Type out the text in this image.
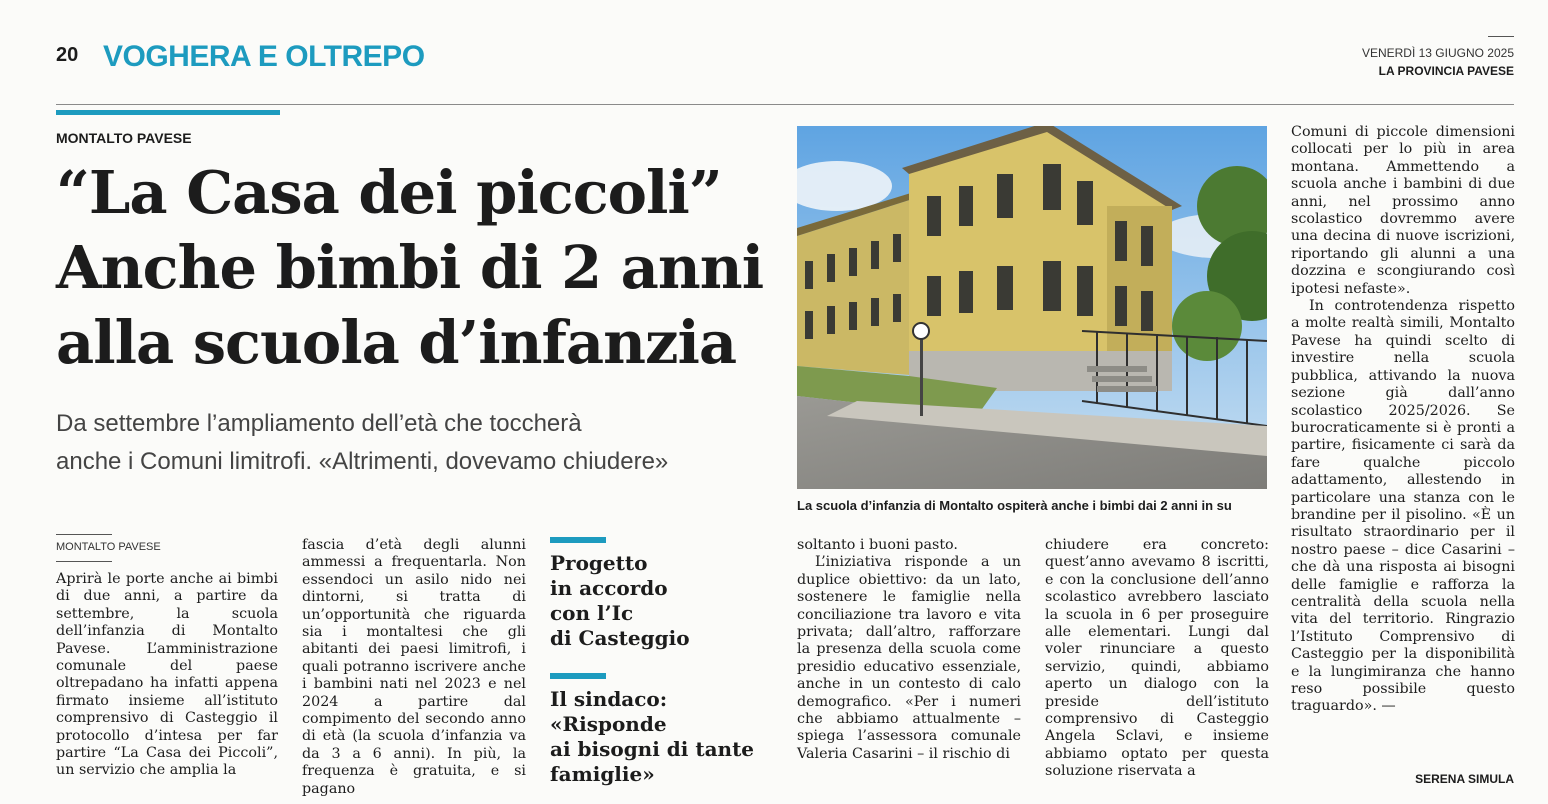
20 VOGHERA E OLTREPO	VENERDÌ 13 GIUGNO 2025
LA PROVINCIA PAVESE
MONTALTO PAVESE
“La Casa dei piccoli”
Anche bimbi di 2 anni
alla scuola d’infanzia
Da settembre l’ampliamento dell’età che toccherà
anche i Comuni limitrofi. «Altrimenti, dovevamo chiudere»
MONTALTO PAVESE

Aprirà le porte anche ai bimbi di due anni, a partire da settembre, la scuola dell’infanzia di Montalto Pavese. L’amministrazione comunale del paese oltrepadano ha infatti appena firmato insieme all’istituto comprensivo di Casteggio il protocollo d’intesa per far partire “La Casa dei Piccoli”, un servizio che amplia la

fascia d’età degli alunni ammessi a frequentarla. Non essendoci un asilo nido nei dintorni, si tratta di un’opportunità che riguarda sia i montaltesi che gli abitanti dei paesi limitrofi, i quali potranno iscrivere anche i bambini nati nel 2023 e nel 2024 a partire dal compimento del secondo anno di età (la scuola d’infanzia va da 3 a 6 anni). In più, la frequenza è gratuita, e si pagano

Progetto
in accordo
con l’Ic
di Casteggio
Il sindaco:
«Risponde
ai bisogni di tante
famiglie»
La scuola d’infanzia di Montalto ospiterà anche i bimbi dai 2 anni in su

soltanto i buoni pasto.

L’iniziativa risponde a un duplice obiettivo: da un lato, sostenere le famiglie nella conciliazione tra lavoro e vita privata; dall’altro, rafforzare la presenza della scuola come presidio educativo essenziale, anche in un contesto di calo demografico. «Per i numeri che abbiamo attualmente – spiega l’assessora comunale Valeria Casarini – il rischio di

chiudere era concreto: quest’anno avevamo 8 iscritti, e con la conclusione dell’anno scolastico avrebbero lasciato la scuola in 6 per proseguire alle elementari. Lungi dal voler rinunciare a questo servizio, quindi, abbiamo aperto un dialogo con la preside dell’istituto comprensivo di Casteggio Angela Sclavi, e insieme abbiamo optato per questa soluzione riservata a

Comuni di piccole dimensioni collocati per lo più in area montana. Ammettendo a scuola anche i bambini di due anni, nel prossimo anno scolastico dovremmo avere una decina di nuove iscrizioni, riportando gli alunni a una dozzina e scongiurando così ipotesi nefaste».

In controtendenza rispetto a molte realtà simili, Montalto Pavese ha quindi scelto di investire nella scuola pubblica, attivando la nuova sezione già dall’anno scolastico 2025/2026. Se burocraticamente si è pronti a partire, fisicamente ci sarà da fare qualche piccolo adattamento, allestendo in particolare una stanza con le brandine per il pisolino. «È un risultato straordinario per il nostro paese – dice Casarini – che dà una risposta ai bisogni delle famiglie e rafforza la centralità della scuola nella vita del territorio. Ringrazio l’Istituto Comprensivo di Casteggio per la disponibilità e la lungimiranza che hanno reso possibile questo traguardo». —

SERENA SIMULA
